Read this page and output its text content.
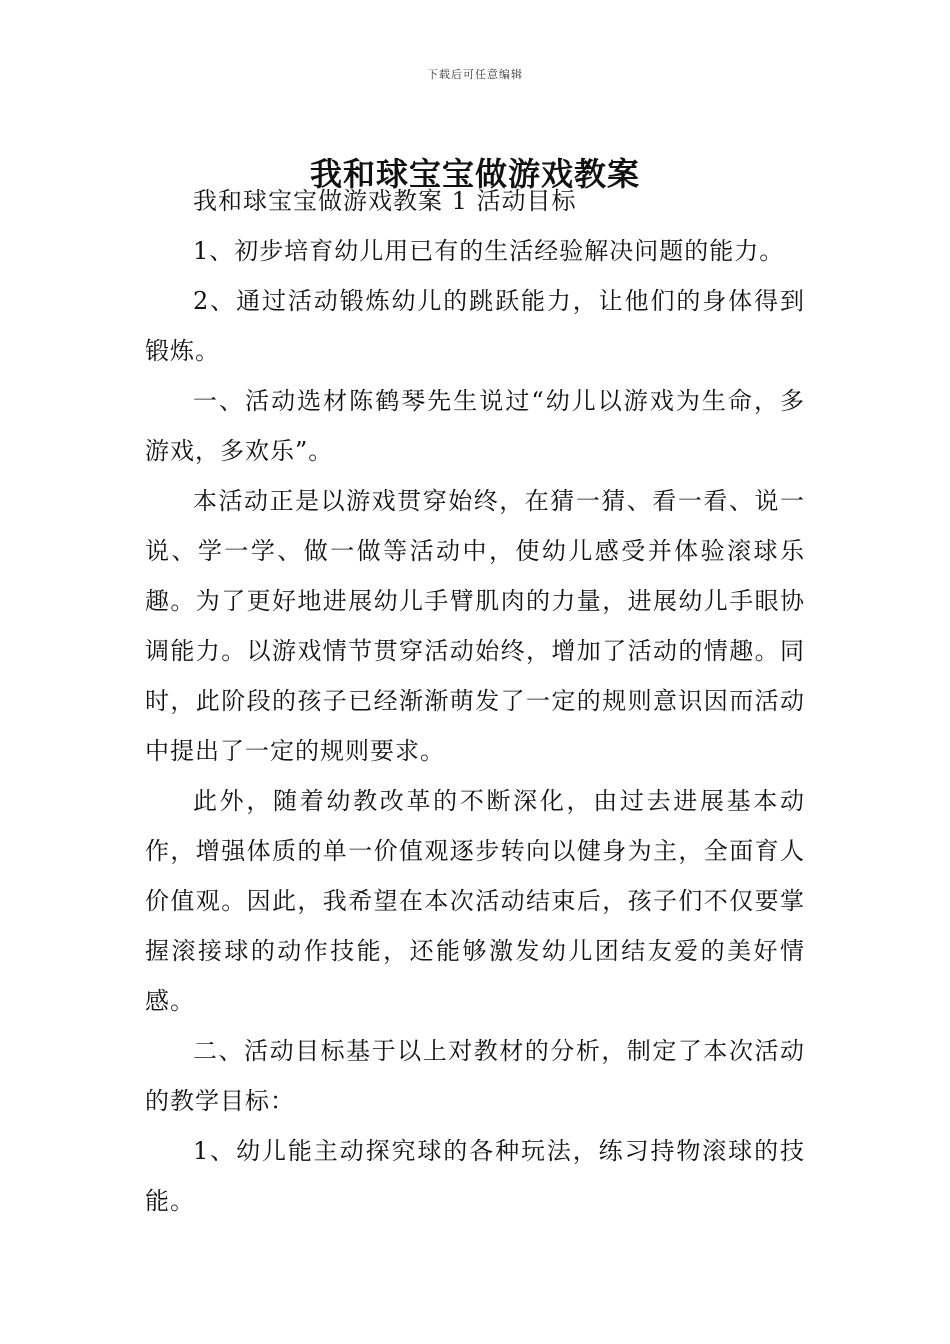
下载后可任意编辑
我和球宝宝做游戏教案

我和球宝宝做游戏教案 1 活动目标

1、初步培育幼儿用已有的生活经验解决问题的能力。

2、通过活动锻炼幼儿的跳跃能力，让他们的身体得到锻炼。

一、活动选材陈鹤琴先生说过“幼儿以游戏为生命，多游戏，多欢乐”。

本活动正是以游戏贯穿始终，在猜一猜、看一看、说一说、学一学、做一做等活动中，使幼儿感受并体验滚球乐趣。为了更好地进展幼儿手臂肌肉的力量，进展幼儿手眼协调能力。以游戏情节贯穿活动始终，增加了活动的情趣。同时，此阶段的孩子已经渐渐萌发了一定的规则意识因而活动中提出了一定的规则要求。

此外，随着幼教改革的不断深化，由过去进展基本动作，增强体质的单一价值观逐步转向以健身为主，全面育人价值观。因此，我希望在本次活动结束后，孩子们不仅要掌握滚接球的动作技能，还能够激发幼儿团结友爱的美好情感。

二、活动目标基于以上对教材的分析，制定了本次活动的教学目标：

1、幼儿能主动探究球的各种玩法，练习持物滚球的技能。
